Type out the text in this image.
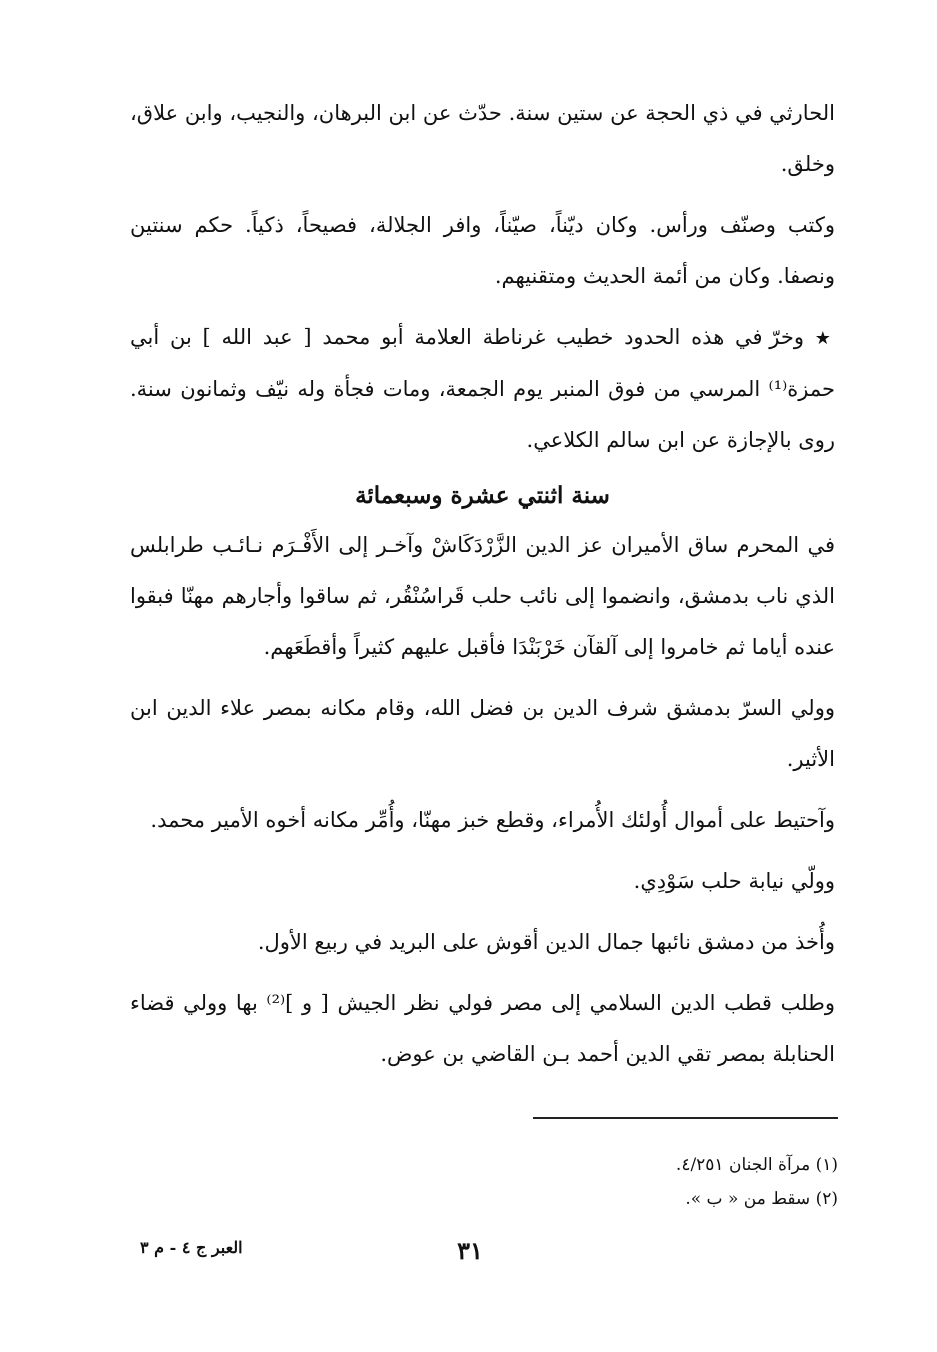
الحارثي في ذي الحجة عن ستين سنة. حدّث عن ابن البرهان، والنجيب، وابن علاق، وخلق.

وكتب وصنّف ورأس. وكان ديّناً، صيّناً، وافر الجلالة، فصيحاً، ذكياً. حكم سنتين ونصفا. وكان من أئمة الحديث ومتقنيهم.

★ وخرّ في هذه الحدود خطيب غرناطة العلامة أبو محمد [ عبد الله ] بن أبي حمزة⁽¹⁾ المرسي من فوق المنبر يوم الجمعة، ومات فجأة وله نيّف وثمانون سنة. روى بالإجازة عن ابن سالم الكلاعي.

سنة اثنتي عشرة وسبعمائة

في المحرم ساق الأميران عز الدين الزَّرْدَكَاشْ وآخـر إلى الأَفْـرَم نـائـب طرابلس الذي ناب بدمشق، وانضموا إلى نائب حلب قَراسُنْقُر، ثم ساقوا وأجارهم مهنّا فبقوا عنده أياما ثم خامروا إلى آلقآن خَرْبَنْدَا فأقبل عليهم كثيراً وأقطَعَهم.

وولي السرّ بدمشق شرف الدين بن فضل الله، وقام مكانه بمصر علاء الدين ابن الأثير.

وآحتيط على أموال أُولئك الأُمراء، وقطع خبز مهنّا، وأُمِّر مكانه أخوه الأمير محمد.

وولّي نيابة حلب سَوْدِي.

وأُخذ من دمشق نائبها جمال الدين أقوش على البريد في ربيع الأول.

وطلب قطب الدين السلامي إلى مصر فولي نظر الجيش [ و ]⁽²⁾ بها وولي قضاء الحنابلة بمصر تقي الدين أحمد بـن القاضي بن عوض.

(١) مرآة الجنان ٤/٢٥١.
(٢) سقط من « ب ».
٣١
العبر ج ٤ - م ٣
